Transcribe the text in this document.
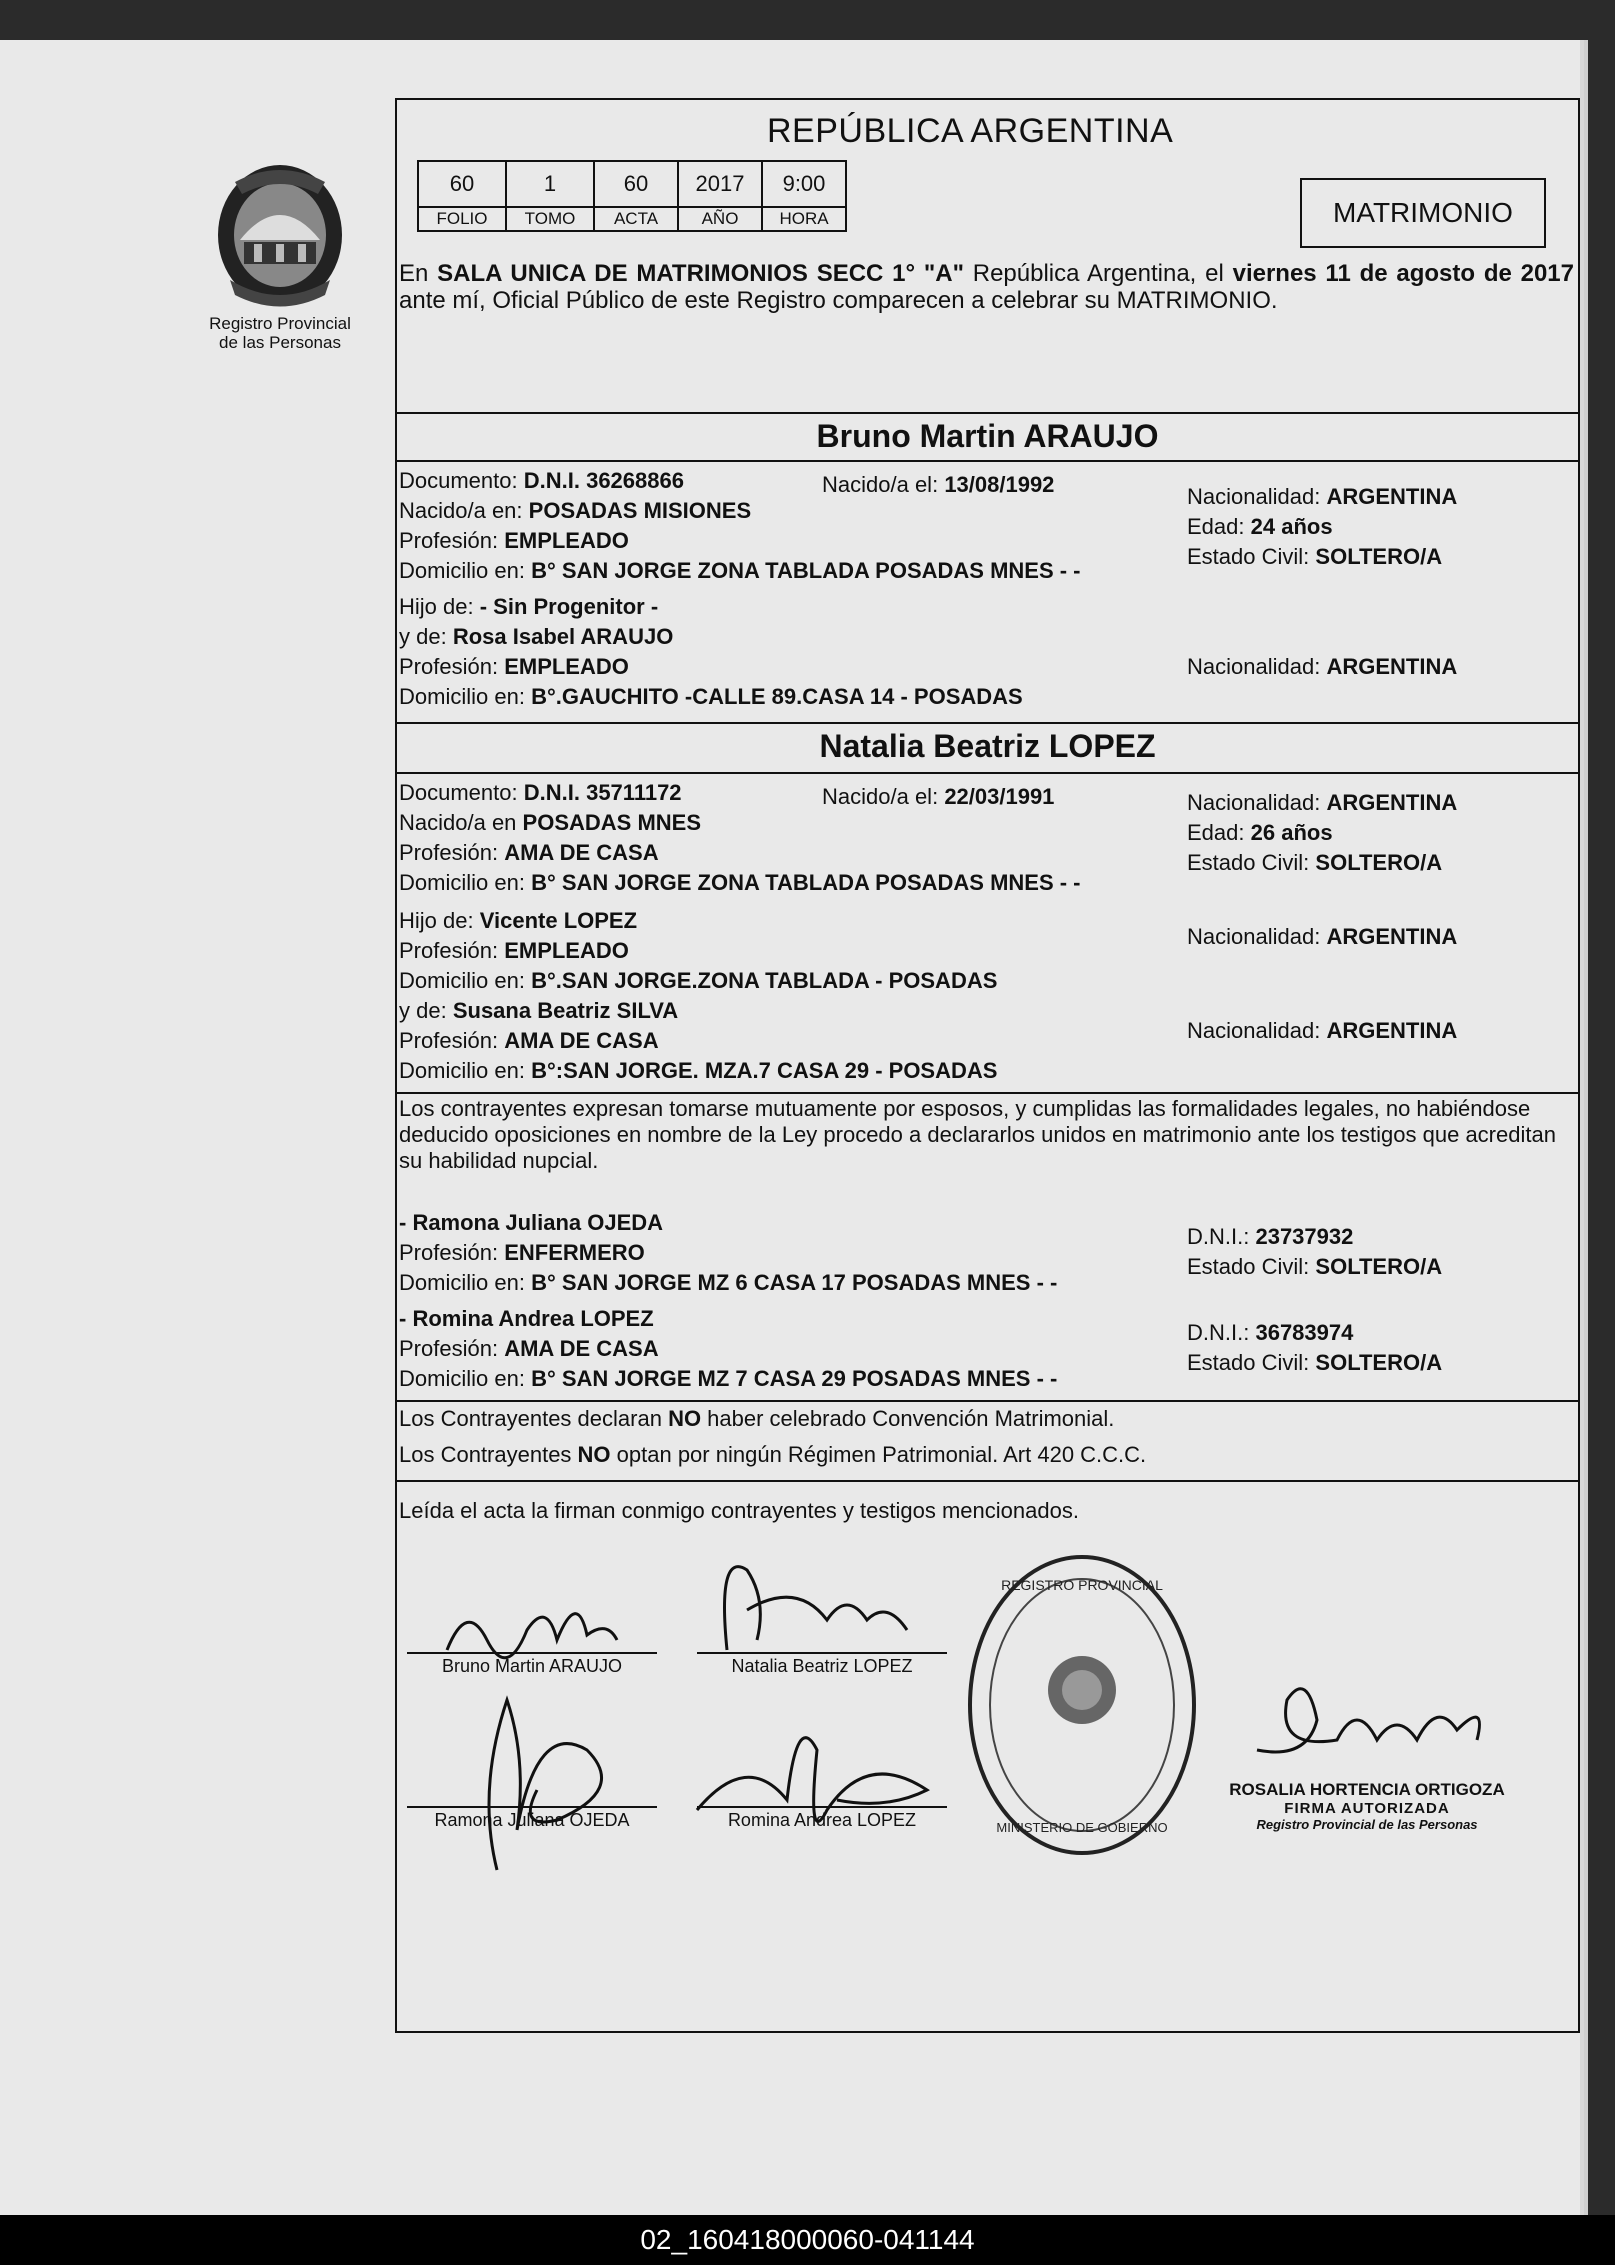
Registro Provincial de las Personas
REPÚBLICA ARGENTINA
60	1	60	2017	9:00
FOLIO	TOMO	ACTA	AÑO	HORA	MATRIMONIO
En SALA UNICA DE MATRIMONIOS SECC 1° "A" República Argentina, el viernes 11 de agosto de 2017 ante mí, Oficial Público de este Registro comparecen a celebrar su MATRIMONIO.
Bruno Martin ARAUJO
Documento: D.N.I. 36268866	Nacido/a el: 13/08/1992
Nacido/a en: POSADAS MISIONES
Profesión: EMPLEADO
Domicilio en: B° SAN JORGE ZONA TABLADA POSADAS MNES - -
Nacionalidad: ARGENTINA
Edad: 24 años
Estado Civil: SOLTERO/A
Hijo de: - Sin Progenitor -
y de: Rosa Isabel ARAUJO
Profesión: EMPLEADO	Nacionalidad: ARGENTINA
Domicilio en: B°.GAUCHITO -CALLE 89.CASA 14 - POSADAS
Natalia Beatriz LOPEZ
Documento: D.N.I. 35711172	Nacido/a el: 22/03/1991
Nacido/a en POSADAS MNES
Profesión: AMA DE CASA
Domicilio en: B° SAN JORGE ZONA TABLADA POSADAS MNES - -
Nacionalidad: ARGENTINA
Edad: 26 años
Estado Civil: SOLTERO/A
Hijo de: Vicente LOPEZ
Profesión: EMPLEADO
Nacionalidad: ARGENTINA
Domicilio en: B°.SAN JORGE.ZONA TABLADA - POSADAS
y de: Susana Beatriz SILVA
Profesión: AMA DE CASA	Nacionalidad: ARGENTINA
Domicilio en: B°:SAN JORGE. MZA.7 CASA 29 - POSADAS
Los contrayentes expresan tomarse mutuamente por esposos, y cumplidas las formalidades legales, no habiéndose deducido oposiciones en nombre de la Ley procedo a declararlos unidos en matrimonio ante los testigos que acreditan su habilidad nupcial.
- Ramona Juliana OJEDA
Profesión: ENFERMERO
Domicilio en: B° SAN JORGE MZ 6 CASA 17 POSADAS MNES - -
D.N.I.: 23737932
Estado Civil: SOLTERO/A
- Romina Andrea LOPEZ
Profesión: AMA DE CASA
Domicilio en: B° SAN JORGE MZ 7 CASA 29 POSADAS MNES - -
D.N.I.: 36783974
Estado Civil: SOLTERO/A
Los Contrayentes declaran NO haber celebrado Convención Matrimonial.
Los Contrayentes NO optan por ningún Régimen Patrimonial. Art 420 C.C.C.
Leída el acta la firman conmigo contrayentes y testigos mencionados.
Bruno Martin ARAUJO	Natalia Beatriz LOPEZ
Ramona Juliana OJEDA	Romina Andrea LOPEZ
REGISTRO PROVINCIAL
MINISTERIO DE GOBIERNO
ROSALIA HORTENCIA ORTIGOZA
FIRMA AUTORIZADA
Registro Provincial de las Personas
02_160418000060-041144
